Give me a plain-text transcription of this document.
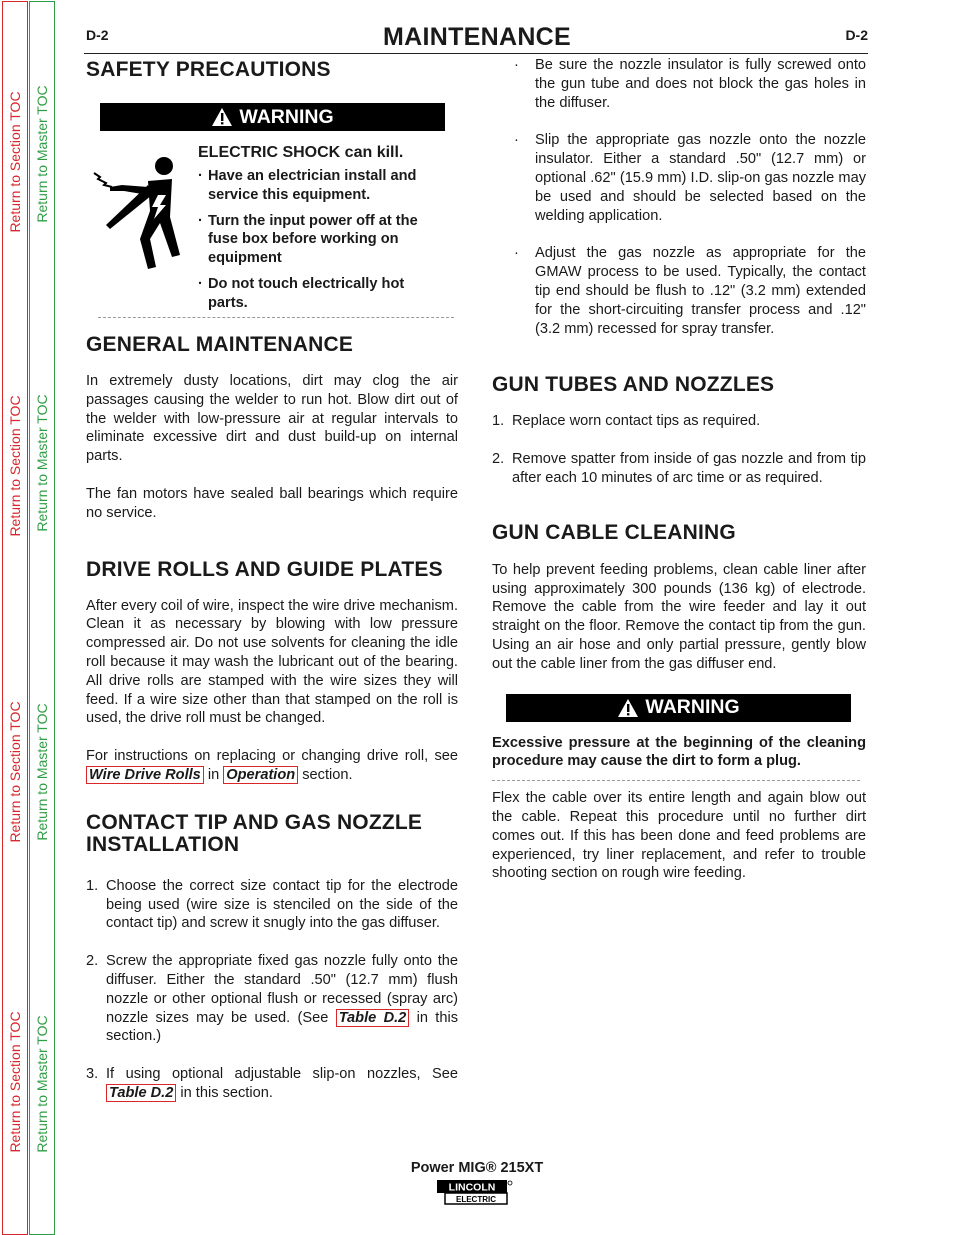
Return to Section TOC
Return to Section TOC
Return to Section TOC
Return to Section TOC
Return to Master TOC
Return to Master TOC
Return to Master TOC
Return to Master TOC
D-2	MAINTENANCE	D-2
SAFETY PRECAUTIONS
WARNING
ELECTRIC SHOCK can kill.
· Have an electrician install and service this equipment.
· Turn the input power off at the fuse box before working on equipment
· Do not touch electrically hot parts.
GENERAL MAINTENANCE

In extremely dusty locations, dirt may clog the air passages causing the welder to run hot. Blow dirt out of the welder with low-pressure air at regular intervals to eliminate excessive dirt and dust build-up on internal parts.

The fan motors have sealed ball bearings which require no service.

DRIVE ROLLS AND GUIDE PLATES

After every coil of wire, inspect the wire drive mechanism. Clean it as necessary by blowing with low pressure compressed air. Do not use solvents for cleaning the idle roll because it may wash the lubricant out of the bearing. All drive rolls are stamped with the wire sizes they will feed. If a wire size other than that stamped on the roll is used, the drive roll must be changed.

For instructions on replacing or changing drive roll, see Wire Drive Rolls in Operation section.

CONTACT TIP AND GAS NOZZLE
INSTALLATION
1. Choose the correct size contact tip for the electrode being used (wire size is stenciled on the side of the contact tip) and screw it snugly into the gas diffuser.
2. Screw the appropriate fixed gas nozzle fully onto the diffuser. Either the standard .50" (12.7 mm) flush nozzle or other optional flush or recessed (spray arc) nozzle sizes may be used. (See Table D.2 in this section.)
3. If using optional adjustable slip-on nozzles, See Table D.2 in this section.
·	Be sure the nozzle insulator is fully screwed onto the gun tube and does not block the gas holes in the diffuser.
·	Slip the appropriate gas nozzle onto the nozzle insulator. Either a standard .50" (12.7 mm) or optional .62" (15.9 mm) I.D. slip-on gas nozzle may be used and should be selected based on the welding application.
·	Adjust the gas nozzle as appropriate for the GMAW process to be used. Typically, the contact tip end should be flush to .12" (3.2 mm) extended for the short-circuiting transfer process and .12" (3.2 mm) recessed for spray transfer.
GUN TUBES AND NOZZLES
1. Replace worn contact tips as required.
2. Remove spatter from inside of gas nozzle and from tip after each 10 minutes of arc time or as required.
GUN CABLE CLEANING

To help prevent feeding problems, clean cable liner after using approximately 300 pounds (136 kg) of electrode. Remove the cable from the wire feeder and lay it out straight on the floor. Remove the contact tip from the gun. Using an air hose and only partial pressure, gently blow out the cable liner from the gas diffuser end.

WARNING

Excessive pressure at the beginning of the cleaning procedure may cause the dirt to form a plug.

Flex the cable over its entire length and again blow out the cable. Repeat this procedure until no further dirt comes out. If this has been done and feed problems are experienced, try liner replacement, and refer to trouble shooting section on rough wire feeding.

Power MIG® 215XT
LINCOLN
ELECTRIC
